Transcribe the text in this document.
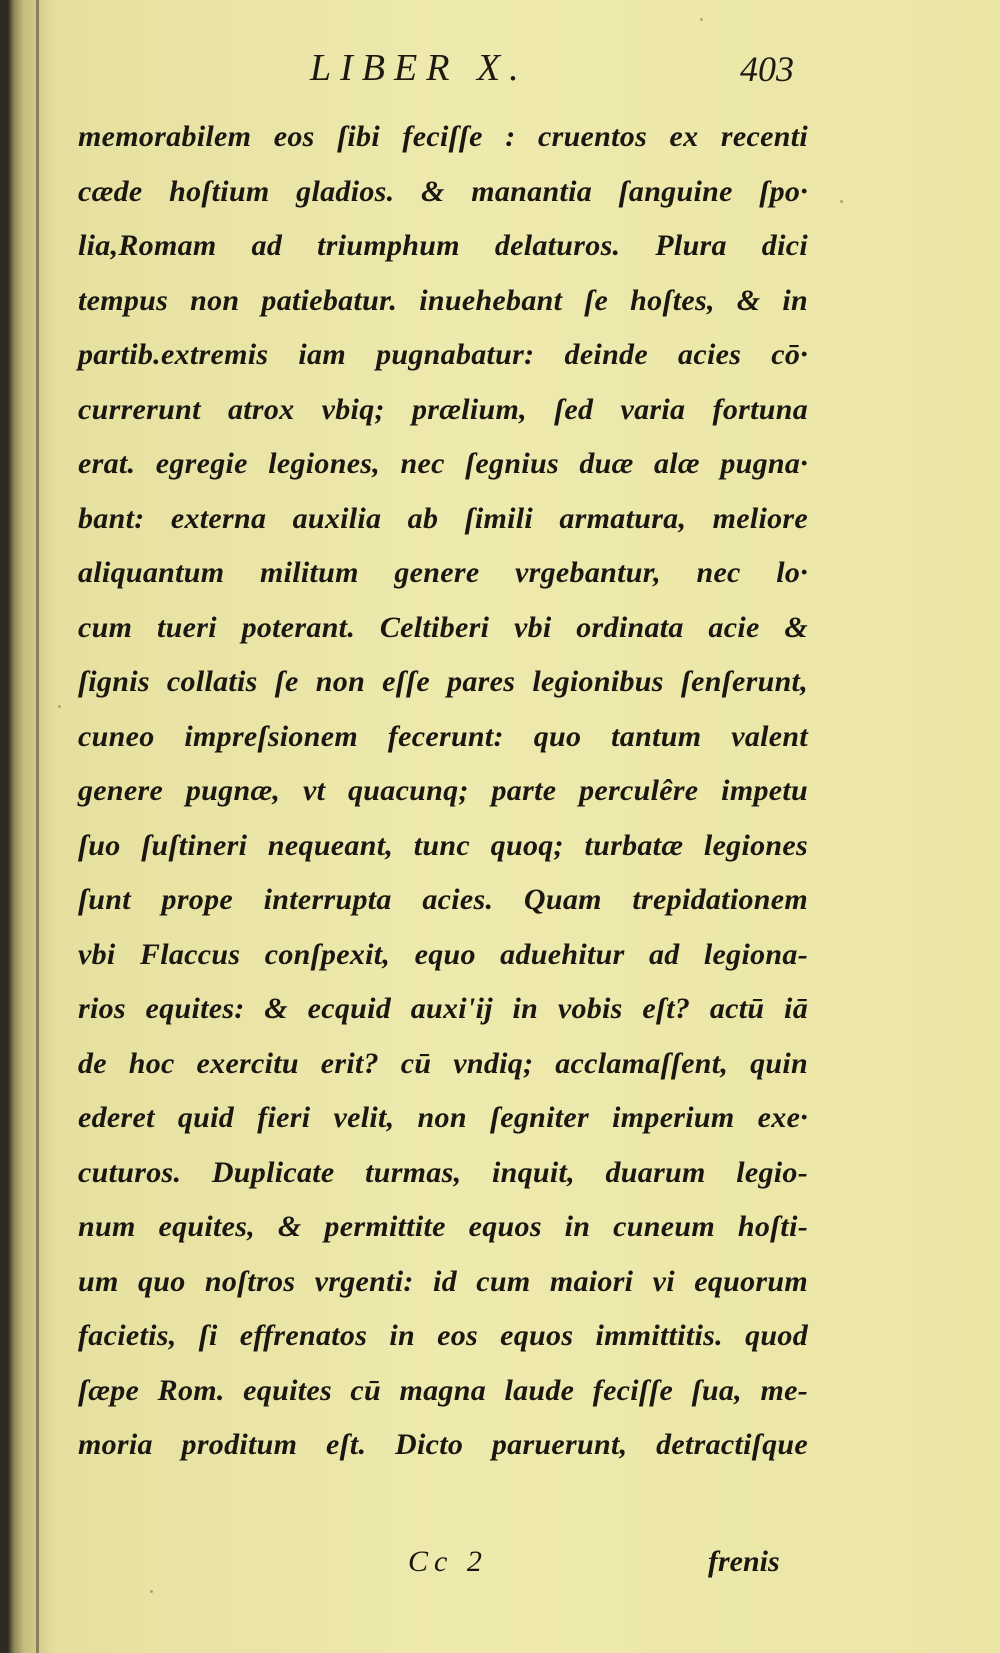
LIBER X.	403
memorabilem eos ſibi feciſſe : cruentos ex recenti
cæde hoſtium gladios. & manantia ſanguine ſpo·
lia,Romam ad triumphum delaturos. Plura dici
tempus non patiebatur. inuehebant ſe hoſtes, & in
partib.extremis iam pugnabatur: deinde acies cō·
currerunt atrox vbiq; prælium, ſed varia fortuna
erat. egregie legiones, nec ſegnius duæ alæ pugna·
bant: externa auxilia ab ſimili armatura, meliore
aliquantum militum genere vrgebantur, nec lo·
cum tueri poterant. Celtiberi vbi ordinata acie &
ſignis collatis ſe non eſſe pares legionibus ſenſerunt,
cuneo impreſsionem fecerunt: quo tantum valent
genere pugnæ, vt quacunq; parte perculêre impetu
ſuo ſuſtineri nequeant, tunc quoq; turbatæ legiones
ſunt prope interrupta acies. Quam trepidationem
vbi Flaccus conſpexit, equo aduehitur ad legiona-
rios equites: & ecquid auxi'ij in vobis eſt? actū iā
de hoc exercitu erit? cū vndiq; acclamaſſent, quin
ederet quid fieri velit, non ſegniter imperium exe·
cuturos. Duplicate turmas, inquit, duarum legio-
num equites, & permittite equos in cuneum hoſti-
um quo noſtros vrgenti: id cum maiori vi equorum
facietis, ſi effrenatos in eos equos immittitis. quod
ſæpe Rom. equites cū magna laude feciſſe ſua, me-
moria proditum eſt. Dicto paruerunt, detractiſque
Cc 2	frenis
